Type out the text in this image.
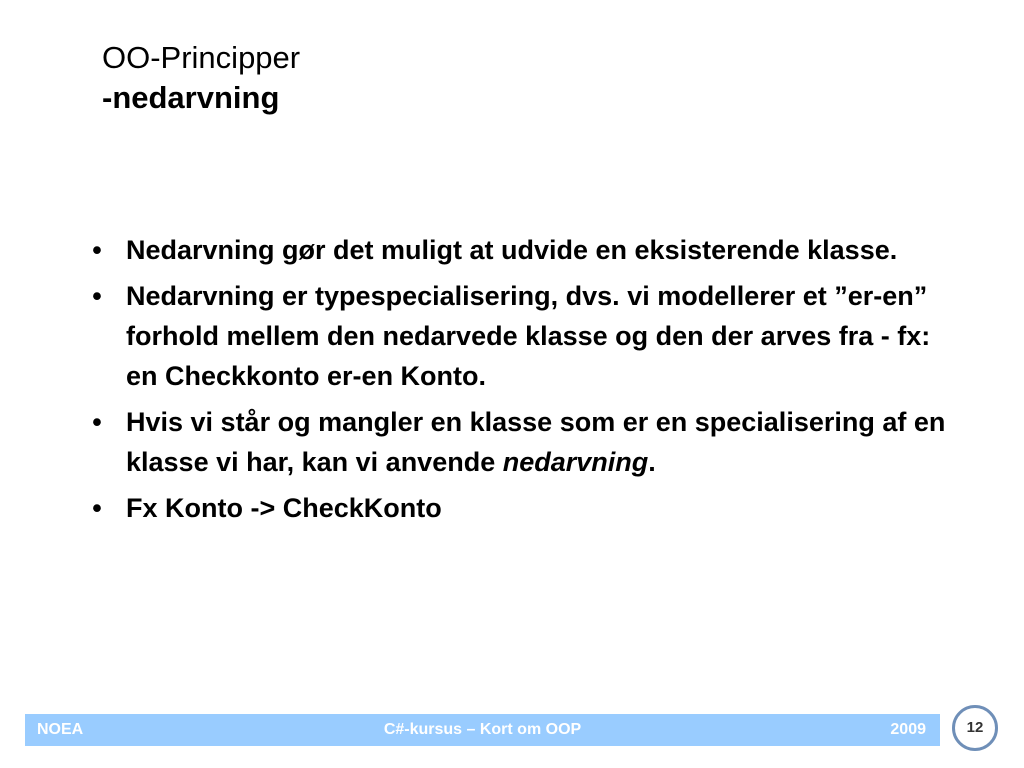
OO-Principper
-nedarvning
• Nedarvning gør det muligt at udvide en eksisterende klasse.
• Nedarvning er typespecialisering, dvs. vi modellerer et ”er-en” forhold mellem den nedarvede klasse og den der arves fra - fx: en Checkkonto er-en Konto.
• Hvis vi står og mangler en klasse som er en specialisering af en klasse vi har, kan vi anvende nedarvning.
• Fx Konto -> CheckKonto
NOEA	C#-kursus – Kort om OOP	2009	12
